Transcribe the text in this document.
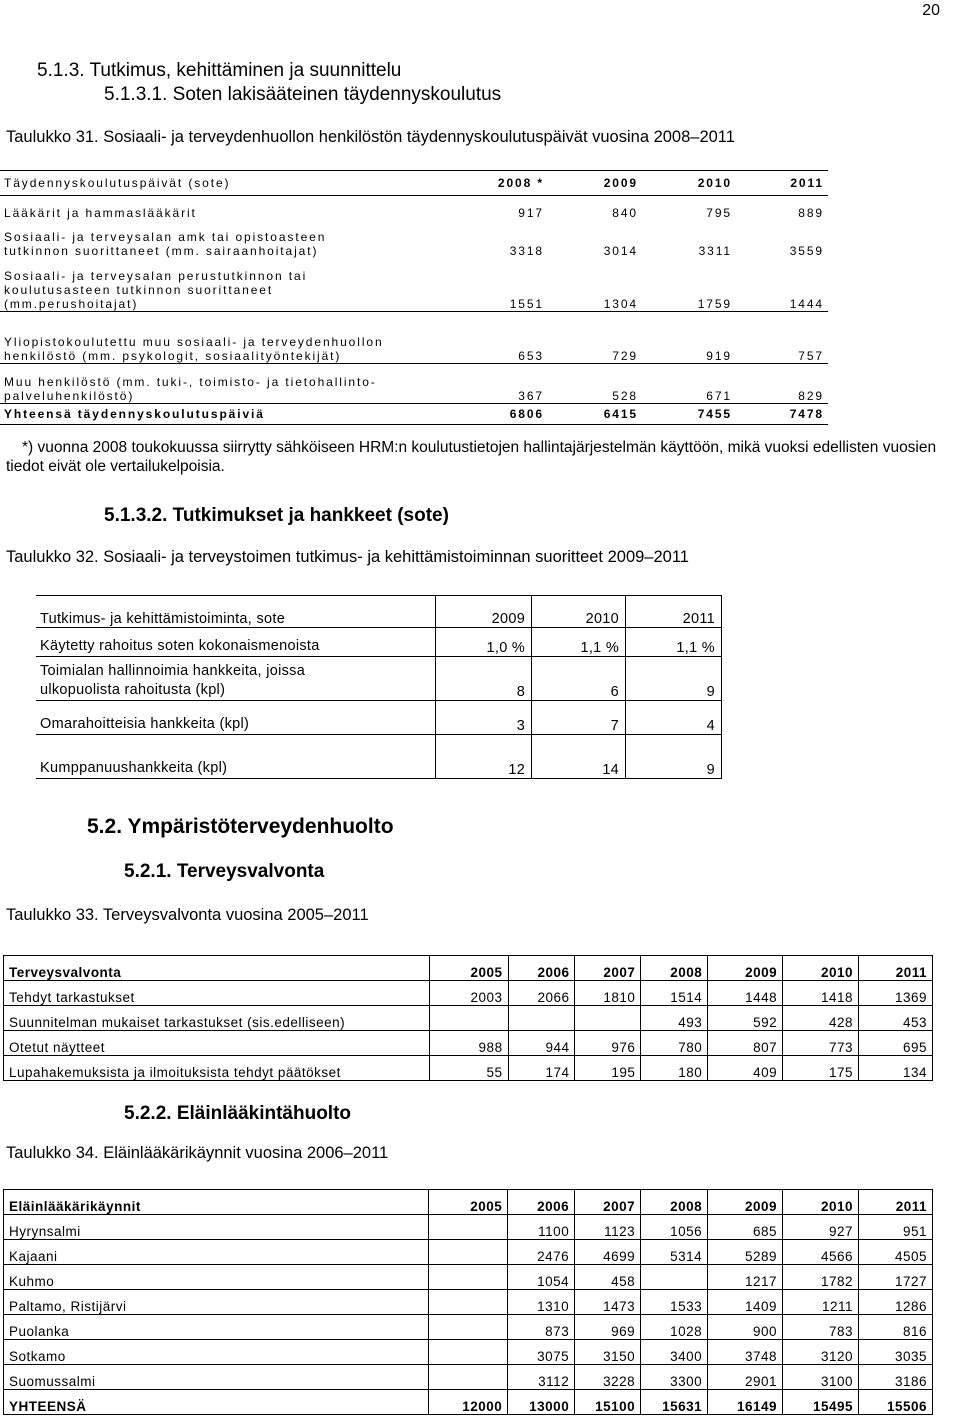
20
5.1.3. Tutkimus, kehittäminen ja suunnittelu
5.1.3.1. Soten lakisääteinen täydennyskoulutus
Taulukko 31. Sosiaali- ja terveydenhuollon henkilöstön täydennyskoulutuspäivät vuosina 2008–2011
Täydennyskoulutuspäivät (sote)	2008 *	2009	2010	2011
Lääkärit ja hammaslääkärit	917	840	795	889
Sosiaali- ja terveysalan amk tai opistoasteen tutkinnon suorittaneet (mm. sairaanhoitajat)	3318	3014	3311	3559
Sosiaali- ja terveysalan perustutkinnon tai koulutusasteen tutkinnon suorittaneet (mm.perushoitajat)	1551	1304	1759	1444
Yliopistokoulutettu muu sosiaali- ja terveydenhuollon henkilöstö (mm. psykologit, sosiaalityöntekijät)	653	729	919	757
Muu henkilöstö (mm. tuki-, toimisto- ja tietohallinto-palveluhenkilöstö)	367	528	671	829
Yhteensä täydennyskoulutuspäiviä	6806	6415	7455	7478
*) vuonna 2008 toukokuussa siirrytty sähköiseen HRM:n koulutustietojen hallintajärjestelmän käyttöön, mikä vuoksi edellisten vuosien tiedot eivät ole vertailukelpoisia.
5.1.3.2. Tutkimukset ja hankkeet (sote)
Taulukko 32. Sosiaali- ja terveystoimen tutkimus- ja kehittämistoiminnan suoritteet 2009–2011
Tutkimus- ja kehittämistoiminta, sote	2009	2010	2011
Käytetty rahoitus soten kokonaismenoista	1,0 %	1,1 %	1,1 %
Toimialan hallinnoimia hankkeita, joissa ulkopuolista rahoitusta (kpl)	8	6	9
Omarahoitteisia hankkeita (kpl)	3	7	4
Kumppanuushankkeita (kpl)	12	14	9
5.2. Ympäristöterveydenhuolto
5.2.1. Terveysvalvonta
Taulukko 33. Terveysvalvonta vuosina 2005–2011
Terveysvalvonta	2005	2006	2007	2008	2009	2010	2011
Tehdyt tarkastukset	2003	2066	1810	1514	1448	1418	1369
Suunnitelman mukaiset tarkastukset (sis.edelliseen)				493	592	428	453
Otetut näytteet	988	944	976	780	807	773	695
Lupahakemuksista ja ilmoituksista tehdyt päätökset	55	174	195	180	409	175	134
5.2.2. Eläinlääkintähuolto
Taulukko 34. Eläinlääkärikäynnit vuosina 2006–2011
Eläinlääkärikäynnit	2005	2006	2007	2008	2009	2010	2011
Hyrynsalmi		1100	1123	1056	685	927	951
Kajaani		2476	4699	5314	5289	4566	4505
Kuhmo		1054	458		1217	1782	1727
Paltamo, Ristijärvi		1310	1473	1533	1409	1211	1286
Puolanka		873	969	1028	900	783	816
Sotkamo		3075	3150	3400	3748	3120	3035
Suomussalmi		3112	3228	3300	2901	3100	3186
YHTEENSÄ	12000	13000	15100	15631	16149	15495	15506
